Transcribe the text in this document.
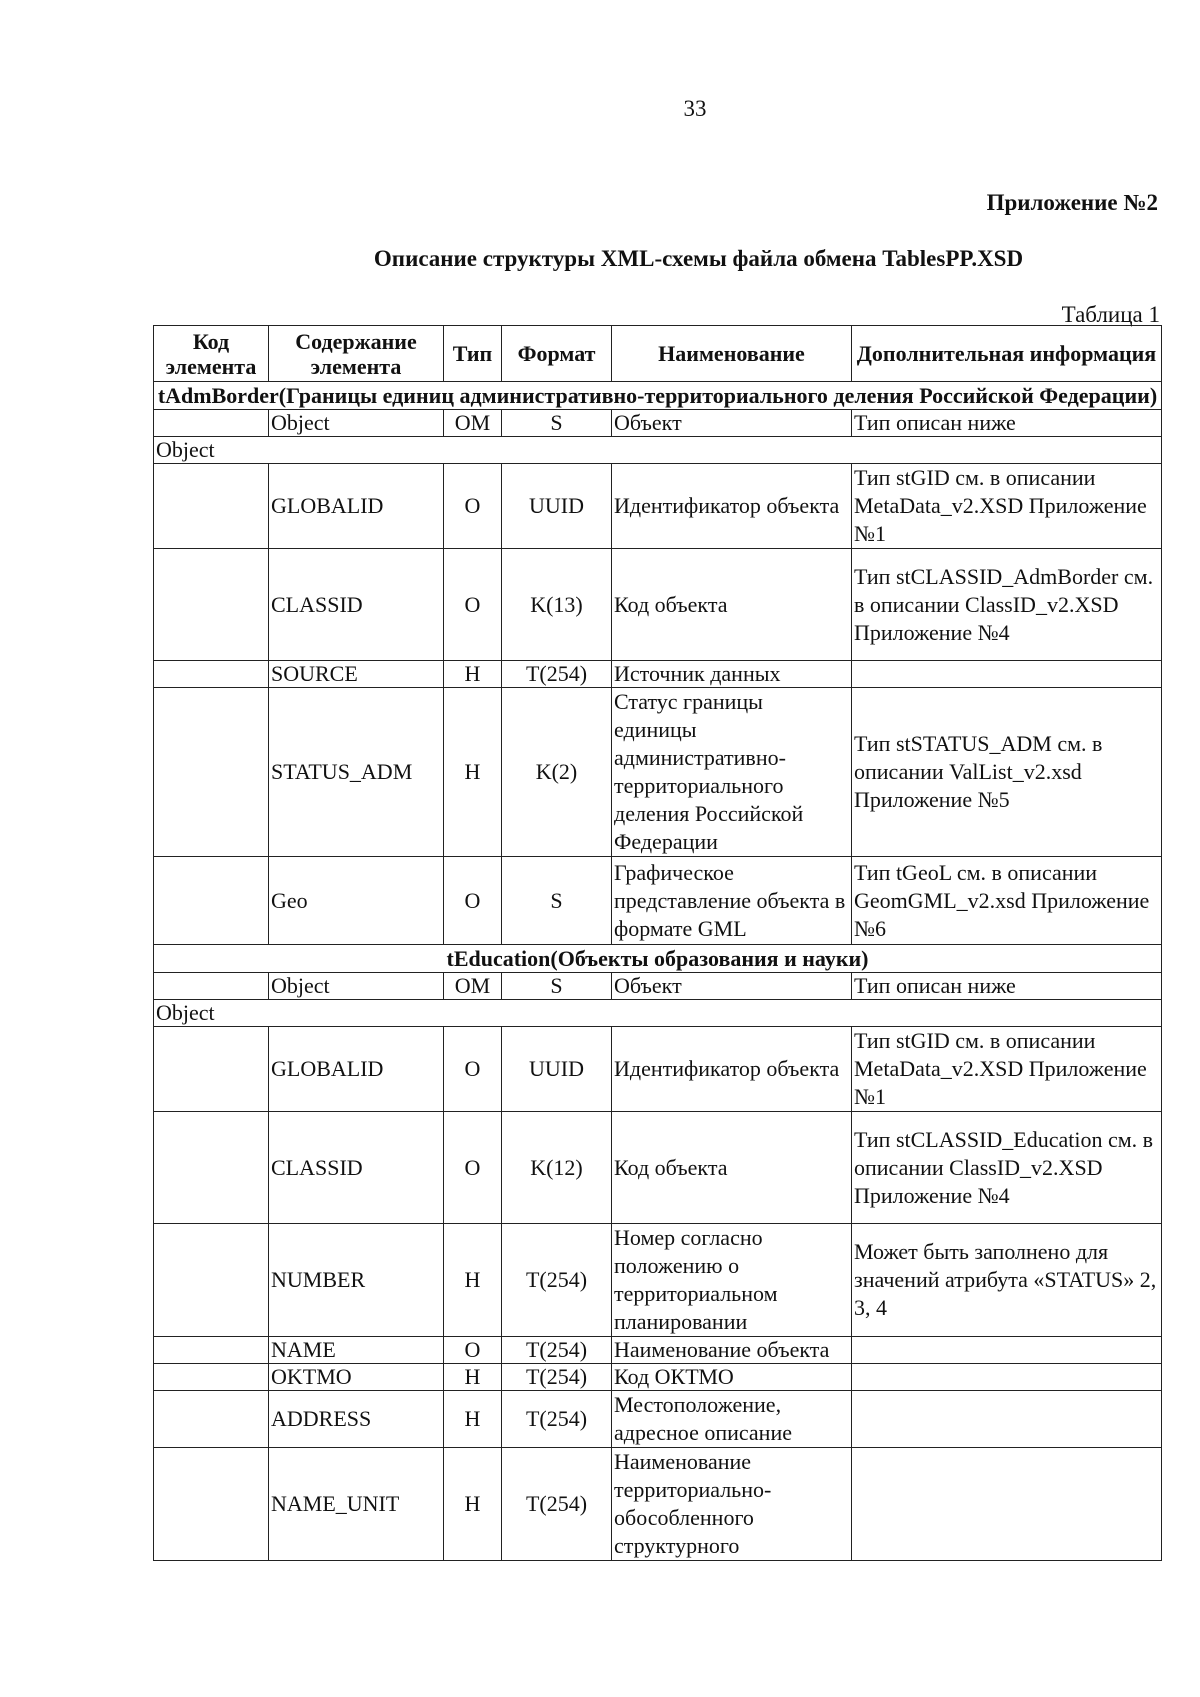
33
Приложение №2
Описание структуры XML-схемы файла обмена TablesPP.XSD
Таблица 1
Код элемента	Содержание элемента	Тип	Формат	Наименование	Дополнительная информация
tAdmBorder(Границы единиц административно-территориального деления Российской Федерации)					
	Object	OM	S	Объект	Тип описан ниже
Object					
	GLOBALID	O	UUID	Идентификатор объекта	Тип stGID см. в описании MetaData_v2.XSD Приложение №1
	CLASSID	O	K(13)	Код объекта	Тип stCLASSID_AdmBorder см. в описании ClassID_v2.XSD Приложение №4
	SOURCE	H	T(254)	Источник данных	
	STATUS_ADM	H	K(2)	Статус границы единицы административно-территориального деления Российской Федерации	Тип stSTATUS_ADM см. в описании ValList_v2.xsd Приложение №5
	Geo	O	S	Графическое представление объекта в формате GML	Тип tGeoL см. в описании GeomGML_v2.xsd Приложение №6
tEducation(Объекты образования и науки)					
	Object	OM	S	Объект	Тип описан ниже
Object					
	GLOBALID	O	UUID	Идентификатор объекта	Тип stGID см. в описании MetaData_v2.XSD Приложение №1
	CLASSID	O	K(12)	Код объекта	Тип stCLASSID_Education см. в описании ClassID_v2.XSD Приложение №4
	NUMBER	H	T(254)	Номер согласно положению о территориальном планировании	Может быть заполнено для значений атрибута «STATUS» 2, 3, 4
	NAME	O	T(254)	Наименование объекта	
	OKTMO	H	T(254)	Код ОКТМО	
	ADDRESS	H	T(254)	Местоположение, адресное описание	
	NAME_UNIT	H	T(254)	Наименование территориально-обособленного структурного	
